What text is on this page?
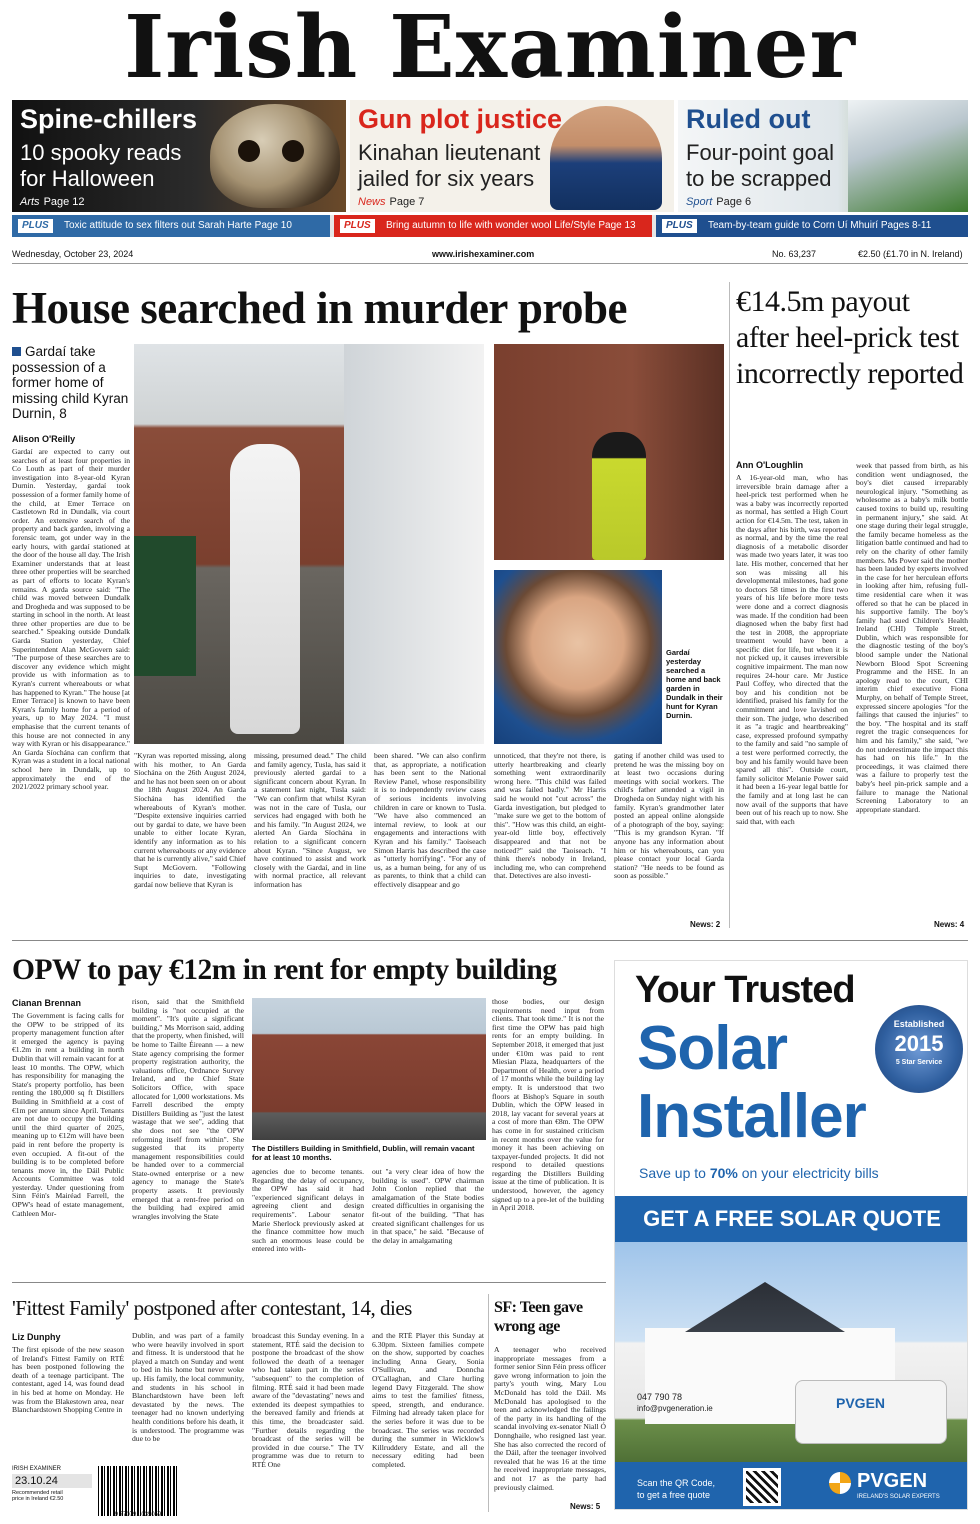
Irish Examiner
Spine-chillers
10 spooky reads
for Halloween
Arts Page 12
Gun plot justice
Kinahan lieutenant
jailed for six years
News Page 7
Ruled out
Four-point goal
to be scrapped
Sport Page 6
PLUS	Toxic attitude to sex filters out Sarah Harte Page 10	PLUS	Bring autumn to life with wonder wool Life/Style Page 13	PLUS	Team-by-team guide to Corn Uí Mhuirí Pages 8-11
Wednesday, October 23, 2024	www.irishexaminer.com	No. 63,237	€2.50 (£1.70 in N. Ireland)
House searched in murder probe
Gardaí take possession of a former home of missing child Kyran Durnin, 8
Alison O'Reilly
Gardaí are expected to carry out searches of at least four properties in Co Louth as part of their murder investigation into 8-year-old Kyran Durnin. Yesterday, gardaí took possession of a former family home of the child, at Emer Terrace on Castletown Rd in Dundalk, via court order. An extensive search of the property and back garden, involving a forensic team, got under way in the early hours, with gardaí stationed at the door of the house all day. The Irish Examiner understands that at least three other properties will be searched as part of efforts to locate Kyran's remains. A garda source said: "The child was moved between Dundalk and Drogheda and was supposed to be starting in school in the north. At least three other properties are due to be searched." Speaking outside Dundalk Garda Station yesterday, Chief Superintendent Alan McGovern said: "The purpose of these searches are to discover any evidence which might provide us with information as to Kyran's current whereabouts or what has happened to Kyran." The house [at Emer Terrace] is known to have been Kyran's family home for a period of years, up to May 2024. "I must emphasise that the current tenants of this house are not connected in any way with Kyran or his disappearance." An Garda Síochána can confirm that Kyran was a student in a local national school here in Dundalk, up to approximately the end of the 2021/2022 primary school year.
Gardaí yesterday searched a home and back garden in Dundalk in their hunt for Kyran Durnin.
"Kyran was reported missing, along with his mother, to An Garda Síochána on the 26th August 2024, and he has not been seen on or about the 18th August 2024. An Garda Síochána has identified the whereabouts of Kyran's mother. "Despite extensive inquiries carried out by gardaí to date, we have been unable to either locate Kyran, identify any information as to his current whereabouts or any evidence that he is currently alive," said Chief Supt McGovern. "Following inquiries to date, investigating gardaí now believe that Kyran is
missing, presumed dead." The child and family agency, Tusla, has said it previously alerted gardaí to a significant concern about Kyran. In a statement last night, Tusla said: "We can confirm that whilst Kyran was not in the care of Tusla, our services had engaged with both he and his family. "In August 2024, we alerted An Garda Síochána in relation to a significant concern about Kyran. "Since August, we have continued to assist and work closely with the Gardaí, and in line with normal practice, all relevant information has
been shared. "We can also confirm that, as appropriate, a notification has been sent to the National Review Panel, whose responsibility it is to independently review cases of serious incidents involving children in care or known to Tusla. "We have also commenced an internal review, to look at our engagements and interactions with Kyran and his family." Taoiseach Simon Harris has described the case as "utterly horrifying". "For any of us, as a human being, for any of us as parents, to think that a child can effectively disappear and go
unnoticed, that they're not there, is utterly heartbreaking and clearly something went extraordinarily wrong here. "This child was failed and was failed badly." Mr Harris said he would not "cut across" the Garda investigation, but pledged to "make sure we get to the bottom of this". "How was this child, an eight-year-old little boy, effectively disappeared and that not be noticed?" said the Taoiseach. "I think there's nobody in Ireland, including me, who can comprehend that. Detectives are also investi-
gating if another child was used to pretend he was the missing boy on at least two occasions during meetings with social workers. The child's father attended a vigil in Drogheda on Sunday night with his family. Kyran's grandmother later posted an appeal online alongside of a photograph of the boy, saying: "This is my grandson Kyran. "If anyone has any information about him or his whereabouts, can you please contact your local Garda station? "He needs to be found as soon as possible."
News: 2
€14.5m payout after heel-prick test incorrectly reported
Ann O'Loughlin
A 16-year-old man, who has irreversible brain damage after a heel-prick test performed when he was a baby was incorrectly reported as normal, has settled a High Court action for €14.5m. The test, taken in the days after his birth, was reported as normal, and by the time the real diagnosis of a metabolic disorder was made two years later, it was too late. His mother, concerned that her son was missing all his developmental milestones, had gone to doctors 58 times in the first two years of his life before more tests were done and a correct diagnosis was made. If the condition had been diagnosed when the baby first had the test in 2008, the appropriate treatment would have been a specific diet for life, but when it is not picked up, it causes irreversible cognitive impairment. The man now requires 24-hour care. Mr Justice Paul Coffey, who directed that the boy and his condition not be identified, praised his family for the commitment and love lavished on their son. The judge, who described it as "a tragic and heartbreaking" case, expressed profound sympathy to the family and said "no sample of a test were performed correctly, the boy and his family would have been spared all this". Outside court, family solicitor Melanie Power said it had been a 16-year legal battle for the family and at long last he can now avail of the supports that have been out of his reach up to now. She said that, with each
week that passed from birth, as his condition went undiagnosed, the boy's diet caused irreparably neurological injury. "Something as wholesome as a baby's milk bottle caused toxins to build up, resulting in permanent injury," she said. At one stage during their legal struggle, the family became homeless as the litigation battle continued and had to rely on the charity of other family members. Ms Power said the mother has been lauded by experts involved in the case for her herculean efforts in looking after him, refusing full-time residential care when it was offered so that he can be placed in his supportive family. The boy's family had sued Children's Health Ireland (CHI) Temple Street, Dublin, which was responsible for the diagnostic testing of the boy's blood sample under the National Newborn Blood Spot Screening Programme and the HSE. In an apology read to the court, CHI interim chief executive Fiona Murphy, on behalf of Temple Street, expressed sincere apologies "for the failings that caused the injuries" to the boy. "The hospital and its staff regret the tragic consequences for him and his family," she said, "we do not underestimate the impact this has had on his life." In the proceedings, it was claimed there was a failure to properly test the baby's heel pin-prick sample and a failure to manage the National Screening Laboratory to an appropriate standard.
News: 4
OPW to pay €12m in rent for empty building
Cianan Brennan
The Government is facing calls for the OPW to be stripped of its property management function after it emerged the agency is paying €1.2m in rent a building in north Dublin that will remain vacant for at least 10 months. The OPW, which has responsibility for managing the State's property portfolio, has been renting the 180,000 sq ft Distillers Building in Smithfield at a cost of €1m per annum since April. Tenants are not due to occupy the building until the third quarter of 2025, meaning up to €12m will have been paid in rent before the property is even occupied. A fit-out of the building is to be completed before tenants move in, the Dáil Public Accounts Committee was told yesterday. Under questioning from Sinn Féin's Mairéad Farrell, the OPW's head of estate management, Cathleen Mor-
rison, said that the Smithfield building is "not occupied at the moment". "It's quite a significant building," Ms Morrison said, adding that the property, when finished, will be home to Tailte Éireann — a new State agency comprising the former property registration authority, the valuations office, Ordnance Survey Ireland, and the Chief State Solicitors Office, with space allocated for 1,000 workstations. Ms Farrell described the empty Distillers Building as "just the latest wastage that we see", adding that she does not see "the OPW reforming itself from within". She suggested that its property management responsibilities could be handed over to a commercial State-owned enterprise or a new agency to manage the State's property assets. It previously emerged that a rent-free period on the building had expired amid wrangles involving the State
The Distillers Building in Smithfield, Dublin, will remain vacant for at least 10 months.
agencies due to become tenants. Regarding the delay of occupancy, the OPW has said it had "experienced significant delays in agreeing client and design requirements". Labour senator Marie Sherlock previously asked at the finance committee how much such an enormous lease could be entered into with-
out "a very clear idea of how the building is used". OPW chairman John Conlon replied that the amalgamation of the State bodies created difficulties in organising the fit-out of the building. "That has created significant challenges for us in that space," he said. "Because of the delay in amalgamating
those bodies, our design requirements need input from clients. That took time." It is not the first time the OPW has paid high rents for an empty building. In September 2018, it emerged that just under €10m was paid to rent Miesian Plaza, headquarters of the Department of Health, over a period of 17 months while the building lay empty. It is understood that two floors at Bishop's Square in south Dublin, which the OPW leased in 2018, lay vacant for several years at a cost of more than €8m. The OPW has come in for sustained criticism in recent months over the value for money it has been achieving on taxpayer-funded projects. It did not respond to detailed questions regarding the Distillers Building issue at the time of publication. It is understood, however, the agency signed up to a pre-let of the building in April 2018.
'Fittest Family' postponed after contestant, 14, dies
Liz Dunphy
The first episode of the new season of Ireland's Fittest Family on RTÉ has been postponed following the death of a teenage participant. The contestant, aged 14, was found dead in his bed at home on Monday. He was from the Blakestown area, near Blanchardstown Shopping Centre in
Dublin, and was part of a family who were heavily involved in sport and fitness. It is understood that he played a match on Sunday and went to bed in his home but never woke up. His family, the local community, and students in his school in Blanchardstown have been left devastated by the news. The teenager had no known underlying health conditions before his death, it is understood. The programme was due to be
broadcast this Sunday evening. In a statement, RTÉ said the decision to postpone the broadcast of the show followed the death of a teenager who had taken part in the series "subsequent" to the completion of filming. RTÉ said it had been made aware of the "devastating" news and extended its deepest sympathies to the bereaved family and friends at this time, the broadcaster said. "Further details regarding the broadcast of the series will be provided in due course." The TV programme was due to return to RTÉ One
and the RTÉ Player this Sunday at 6.30pm. Sixteen families compete on the show, supported by coaches including Anna Geary, Sonia O'Sullivan, and Donncha O'Callaghan, and Clare hurling legend Davy Fitzgerald. The show aims to test the families' fitness, speed, strength, and endurance. Filming had already taken place for the series before it was due to be broadcast. The series was recorded during the summer in Wicklow's Killruddery Estate, and all the necessary editing had been completed.
SF: Teen gave wrong age
A teenager who received inappropriate messages from a former senior Sinn Féin press officer gave wrong information to join the party's youth wing, Mary Lou McDonald has told the Dáil. Ms McDonald has apologised to the teen and acknowledged the failings of the party in its handling of the scandal involving ex-senator Niall Ó Donnghaile, who resigned last year. She has also corrected the record of the Dáil, after the teenager involved revealed that he was 16 at the time he received inappropriate messages, and not 17 as the party had previously claimed.
News: 5
IRISH EXAMINER
23.10.24
Recommended retail
price in Ireland €2.50
9 770791 035059
Your Trusted
Solar
Installer
Established
2015
5 Star Service
Save up to 70% on your electricity bills
GET A FREE SOLAR QUOTE
PVGEN
047 790 78
info@pvgeneration.ie
Scan the QR Code,
to get a free quote
PVGEN
IRELAND'S SOLAR EXPERTS
